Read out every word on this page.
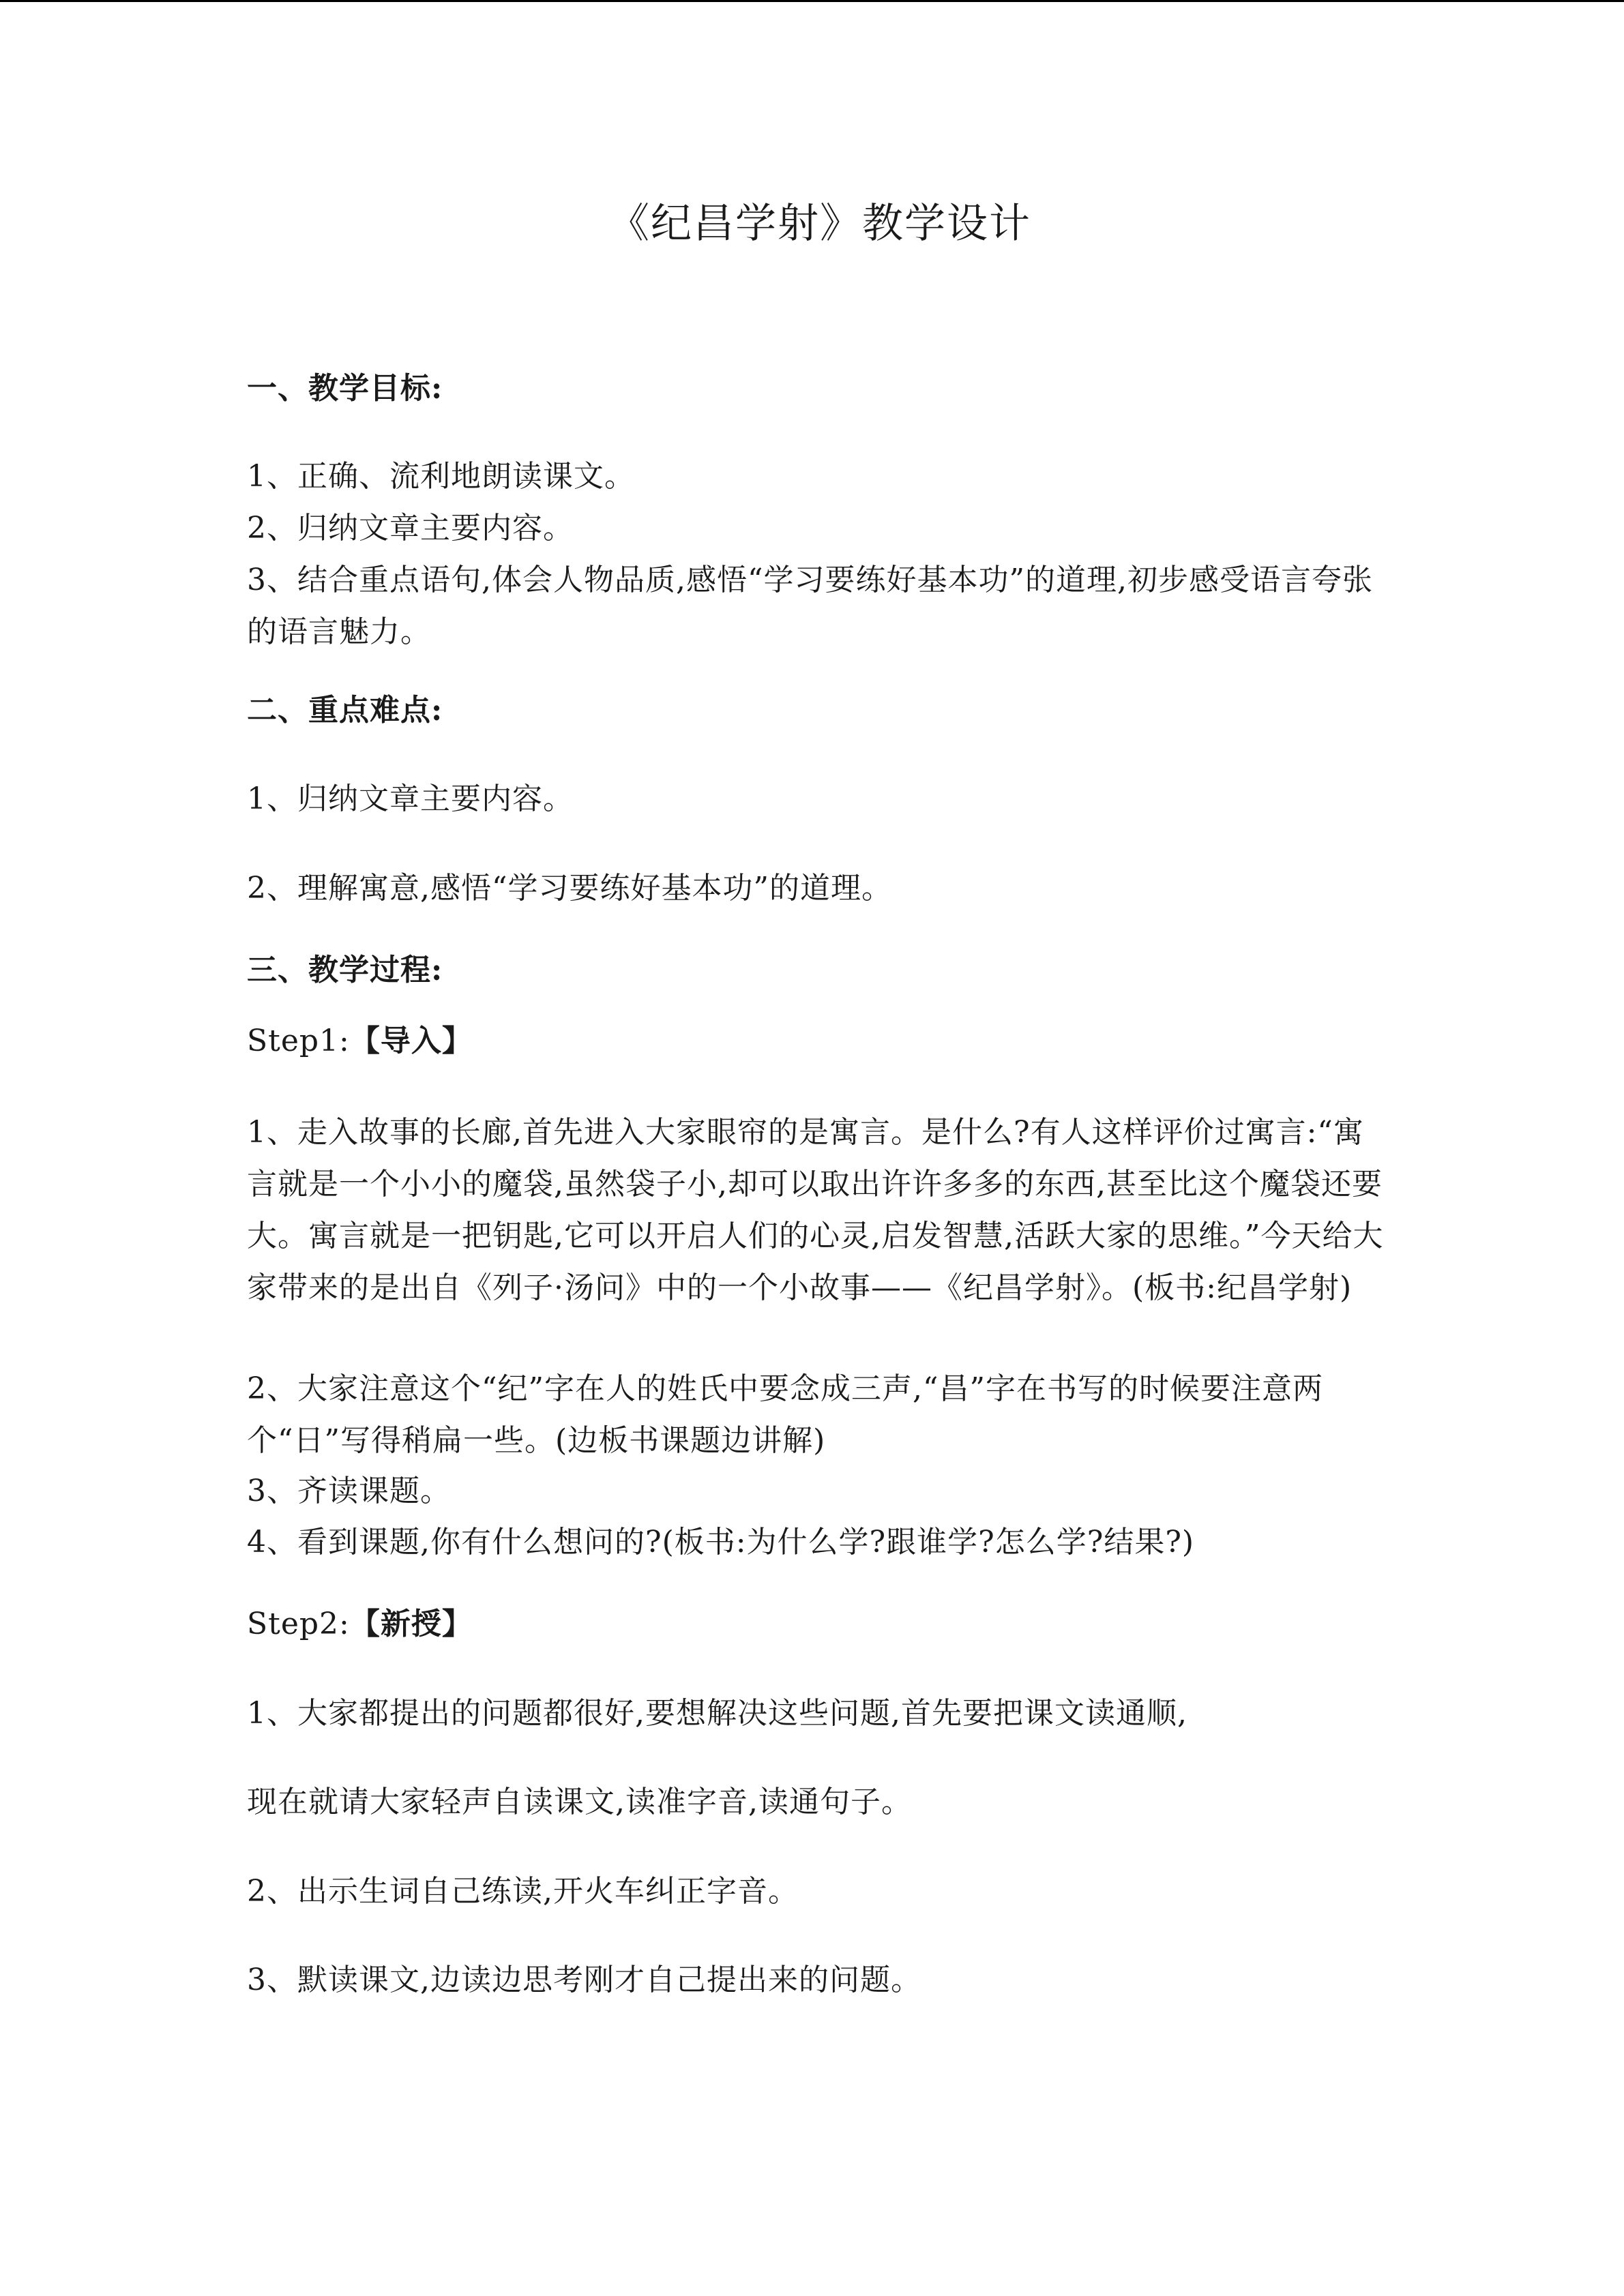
《纪昌学射》教学设计
一、教学目标:
1、正确、流利地朗读课文。
2、归纳文章主要内容。
3、结合重点语句,体会人物品质,感悟“学习要练好基本功”的道理,初步感受语言夸张的语言魅力。
二、重点难点:
1、归纳文章主要内容。
2、理解寓意,感悟“学习要练好基本功”的道理。
三、教学过程:
Step1:【导入】
1、走入故事的长廊,首先进入大家眼帘的是寓言。是什么?有人这样评价过寓言:“寓言就是一个小小的魔袋,虽然袋子小,却可以取出许许多多的东西,甚至比这个魔袋还要大。寓言就是一把钥匙,它可以开启人们的心灵,启发智慧,活跃大家的思维。”今天给大家带来的是出自《列子·汤问》中的一个小故事——《纪昌学射》。(板书:纪昌学射)
2、大家注意这个“纪”字在人的姓氏中要念成三声,“昌”字在书写的时候要注意两个“日”写得稍扁一些。(边板书课题边讲解)
3、齐读课题。
4、看到课题,你有什么想问的?(板书:为什么学?跟谁学?怎么学?结果?)
Step2:【新授】
1、大家都提出的问题都很好,要想解决这些问题,首先要把课文读通顺,
现在就请大家轻声自读课文,读准字音,读通句子。
2、出示生词自己练读,开火车纠正字音。
3、默读课文,边读边思考刚才自己提出来的问题。
